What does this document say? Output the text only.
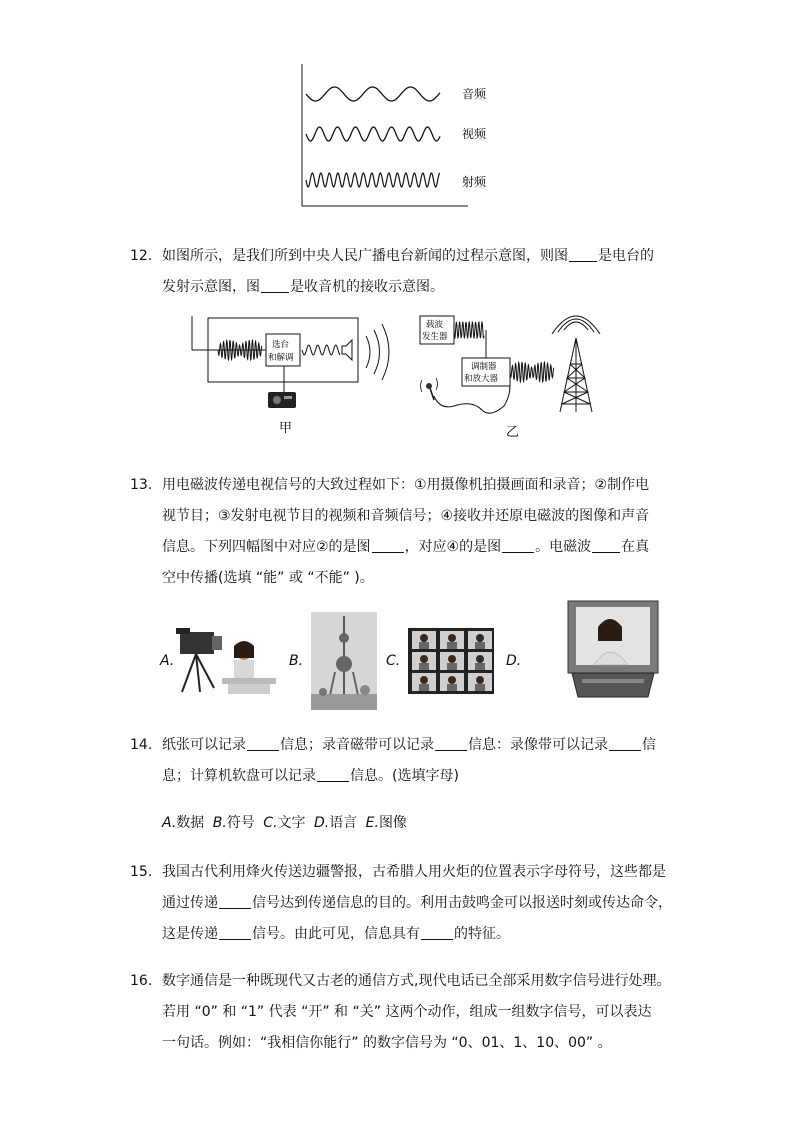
音频
视频
射频
12. 如图所示，是我们所到中央人民广播电台新闻的过程示意图，则图 是电台的
发射示意图，图 是收音机的接收示意图。
选台
和解调
甲
载波
发生器
调制器
和放大器
乙
13. 用电磁波传递电视信号的大致过程如下：①用摄像机拍摄画面和录音；②制作电
视节目；③发射电视节目的视频和音频信号；④接收并还原电磁波的图像和声音
信息。下列四幅图中对应②的是图 ，对应④的是图 。电磁波 在真
空中传播(选填 “能” 或 “不能” )。
A.	B.	C.	D.
14. 纸张可以记录 信息；录音磁带可以记录 信息：录像带可以记录 信
息；计算机软盘可以记录 信息。(选填字母)
A.数据 B.符号 C.文字 D.语言 E.图像
15. 我国古代利用烽火传送边疆警报，古希腊人用火炬的位置表示字母符号，这些都是
通过传递 信号达到传递信息的目的。利用击鼓鸣金可以报送时刻或传达命令，
这是传递 信号。由此可见，信息具有 的特征。
16. 数字通信是一种既现代又古老的通信方式,现代电话已全部采用数字信号进行处理。
若用 “0” 和 “1” 代表 “开” 和 “关” 这两个动作，组成一组数字信号，可以表达
一句话。例如：“我相信你能行” 的数字信号为 “0、01、1、10、00” 。
